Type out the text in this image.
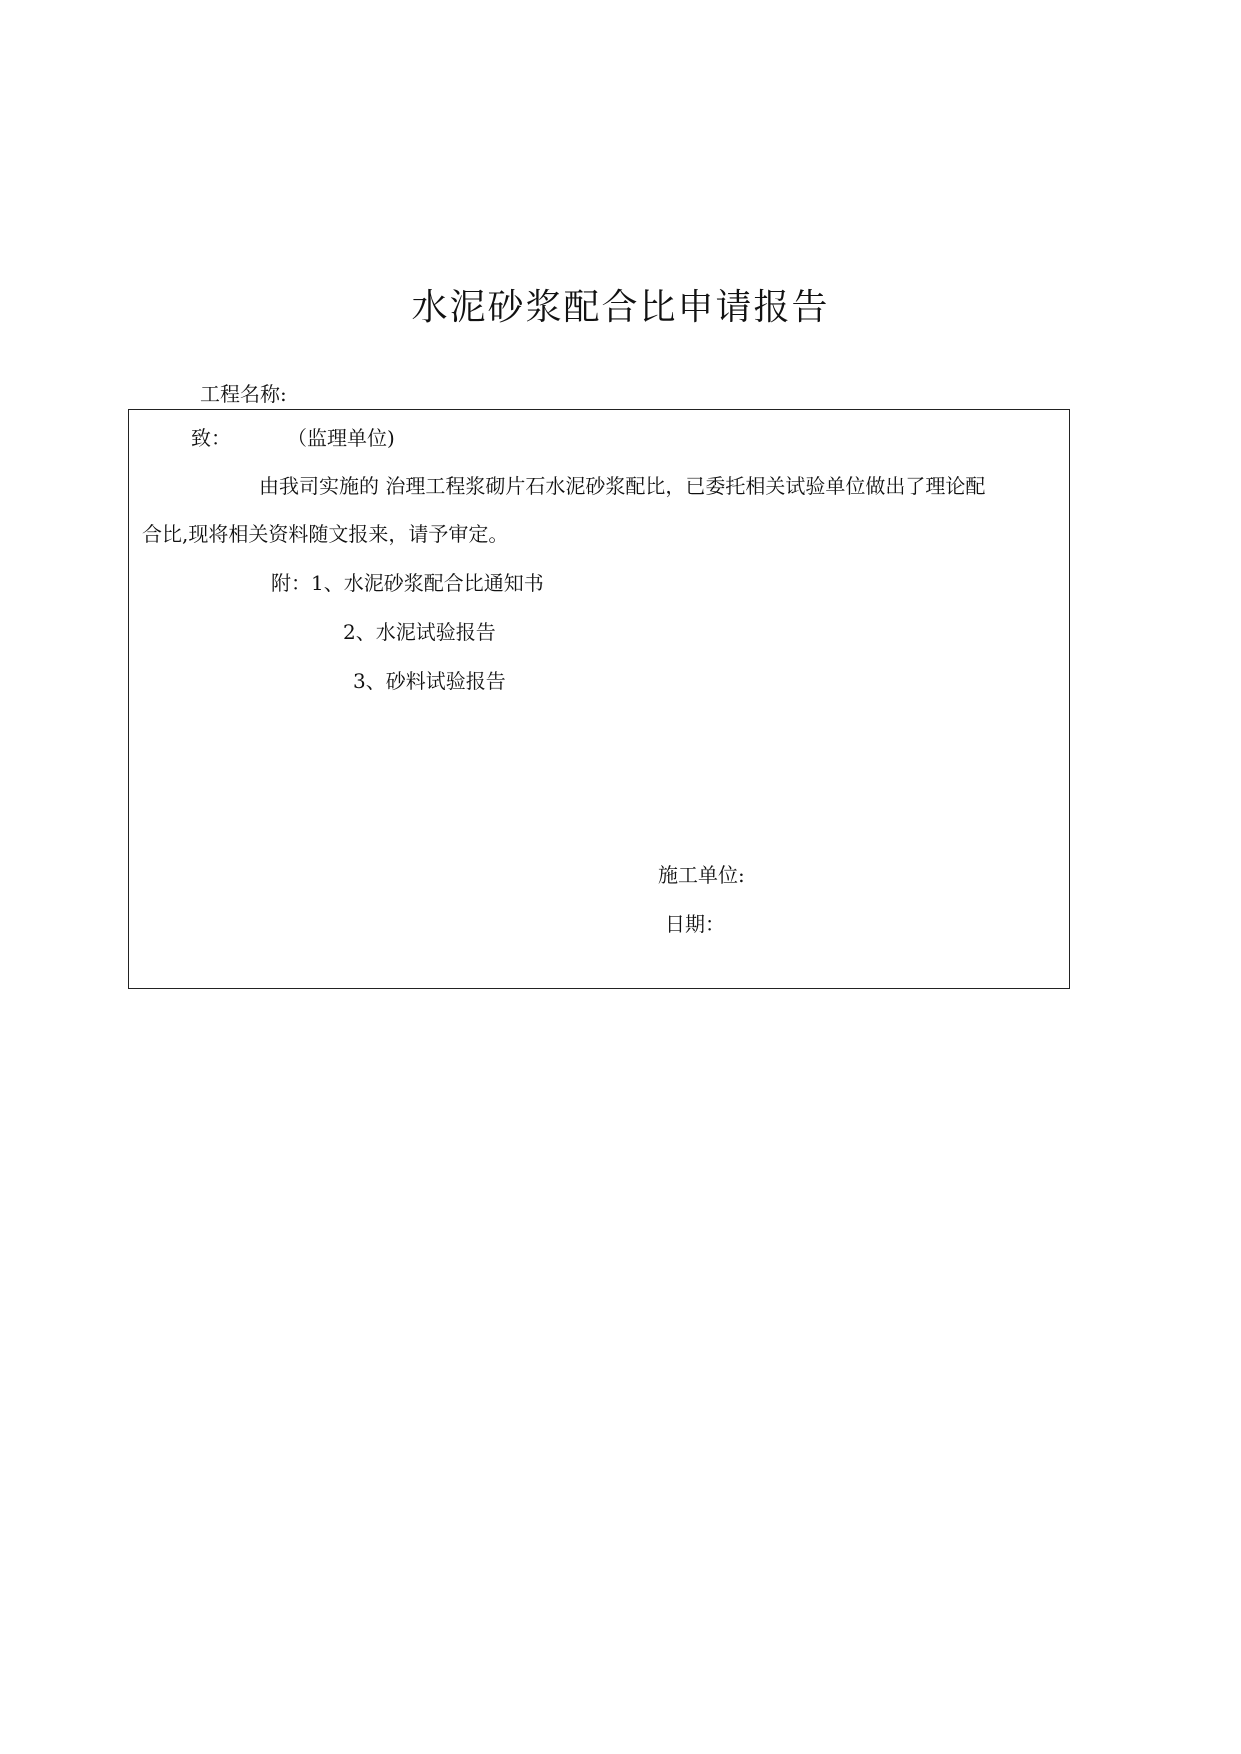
水泥砂浆配合比申请报告
工程名称:
致：	（监理单位)
由我司实施的 治理工程浆砌片石水泥砂浆配比，已委托相关试验单位做出了理论配
合比,现将相关资料随文报来，请予审定。
附：1、水泥砂浆配合比通知书
2、水泥试验报告
3、砂料试验报告
施工单位:
日期：
